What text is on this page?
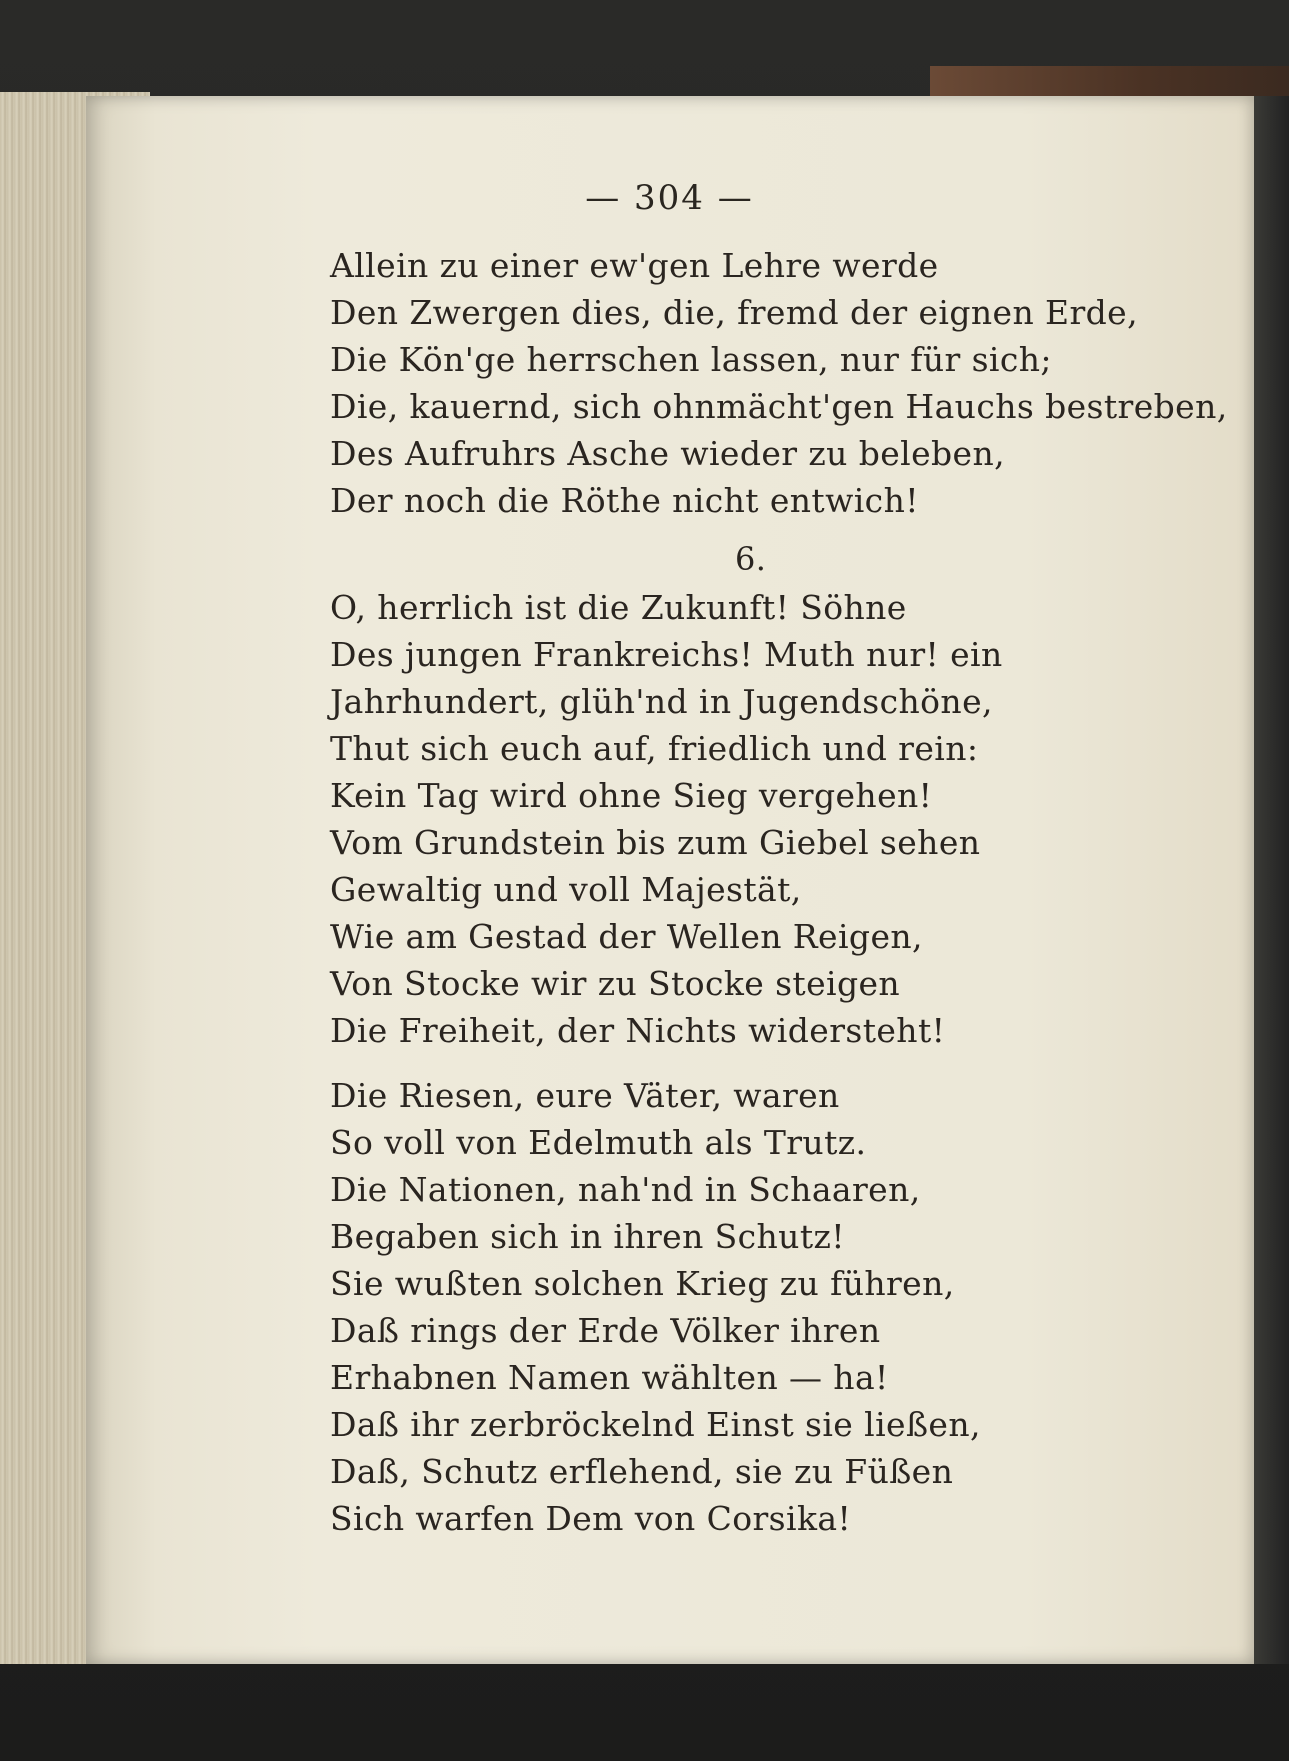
— 304 —
Allein zu einer ew'gen Lehre werde
Den Zwergen dies, die, fremd der eignen Erde,
Die Kön'ge herrschen lassen, nur für sich;
Die, kauernd, sich ohnmächt'gen Hauchs bestreben,
Des Aufruhrs Asche wieder zu beleben,
Der noch die Röthe nicht entwich!
6.
O, herrlich ist die Zukunft! Söhne
Des jungen Frankreichs! Muth nur! ein
Jahrhundert, glüh'nd in Jugendschöne,
Thut sich euch auf, friedlich und rein:
Kein Tag wird ohne Sieg vergehen!
Vom Grundstein bis zum Giebel sehen
Gewaltig und voll Majestät,
Wie am Gestad der Wellen Reigen,
Von Stocke wir zu Stocke steigen
Die Freiheit, der Nichts widersteht!
Die Riesen, eure Väter, waren
So voll von Edelmuth als Trutz.
Die Nationen, nah'nd in Schaaren,
Begaben sich in ihren Schutz!
Sie wußten solchen Krieg zu führen,
Daß rings der Erde Völker ihren
Erhabnen Namen wählten — ha!
Daß ihr zerbröckelnd Einst sie ließen,
Daß, Schutz erflehend, sie zu Füßen
Sich warfen Dem von Corsika!
